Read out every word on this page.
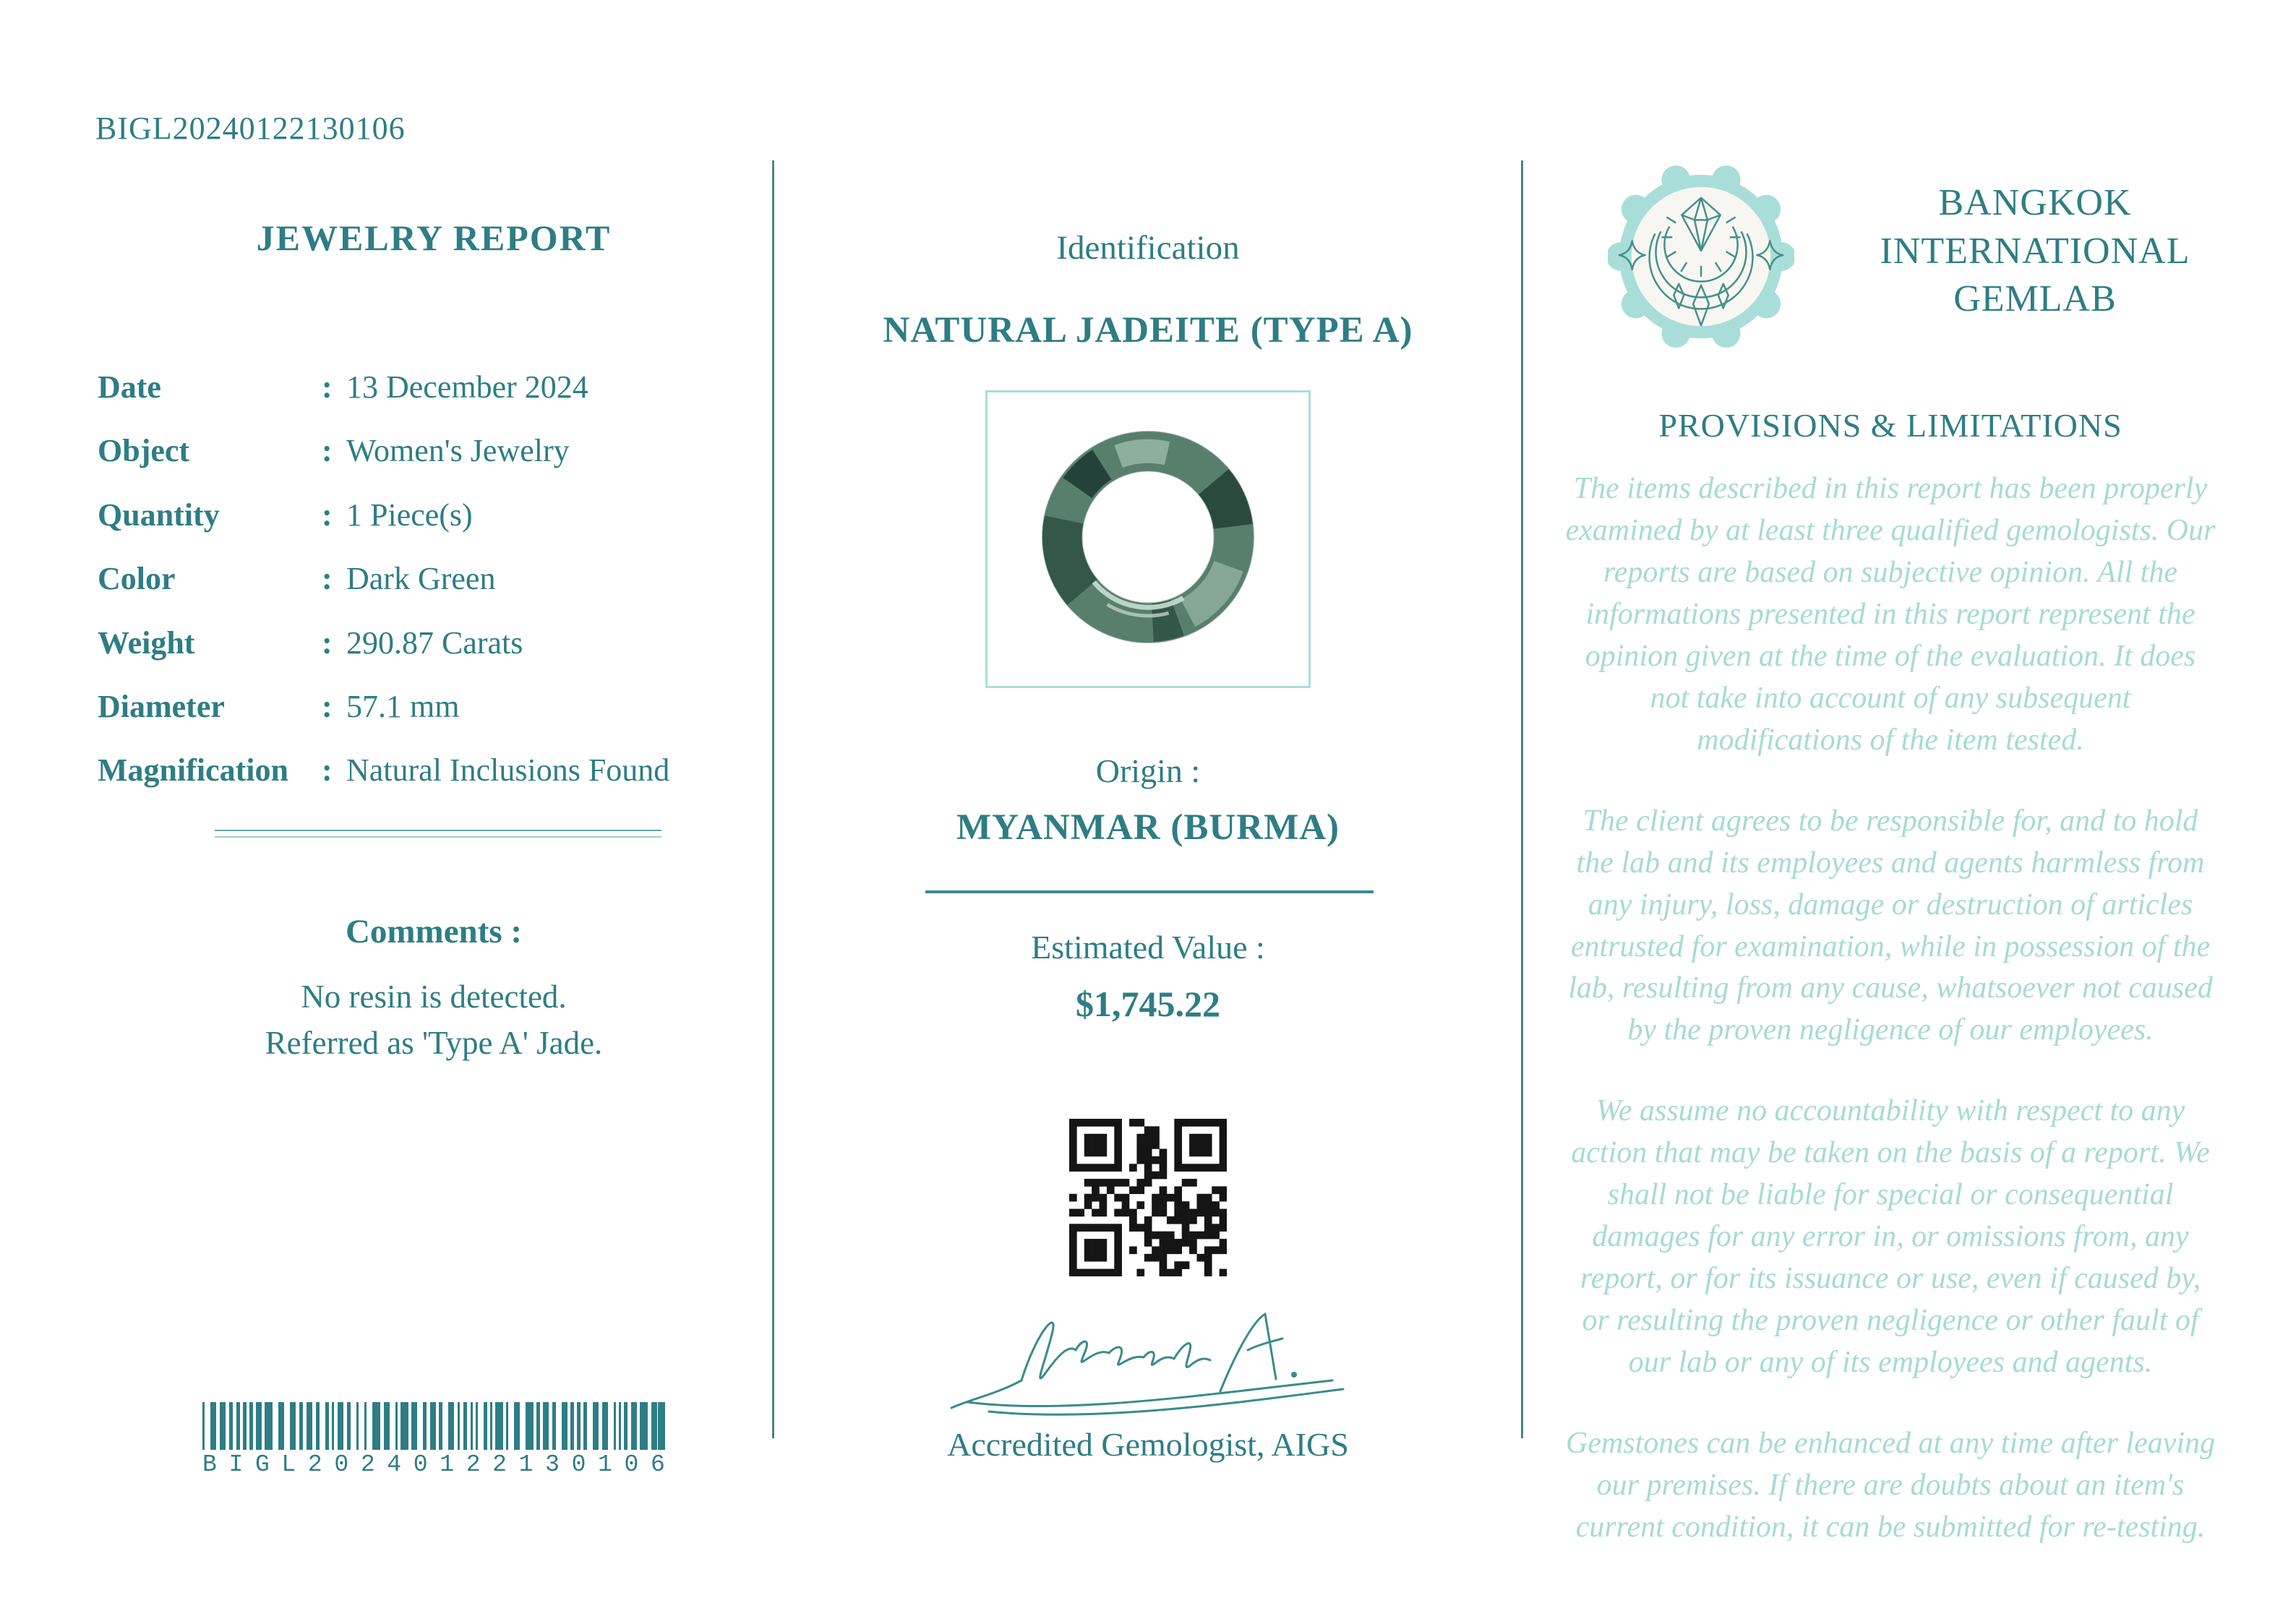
BIGL20240122130106
JEWELRY REPORT
Date	: 13 December 2024
Object	: Women's Jewelry
Quantity	: 1 Piece(s)
Color	: Dark Green
Weight	: 290.87 Carats
Diameter	: 57.1 mm
Magnification	: Natural Inclusions Found
Comments :
No resin is detected.
Referred as 'Type A' Jade.
B I G L 2 0 2 4 0 1 2 2 1 3 0 1 0 6
Identification
NATURAL JADEITE (TYPE A)
Origin :
MYANMAR (BURMA)
Estimated Value :
$1,745.22
Accredited Gemologist, AIGS
BANGKOK
INTERNATIONAL
GEMLAB
PROVISIONS & LIMITATIONS

The items described in this report has been properly examined by at least three qualified gemologists. Our reports are based on subjective opinion. All the informations presented in this report represent the opinion given at the time of the evaluation. It does not take into account of any subsequent modifications of the item tested.

The client agrees to be responsible for, and to hold the lab and its employees and agents harmless from any injury, loss, damage or destruction of articles entrusted for examination, while in possession of the lab, resulting from any cause, whatsoever not caused by the proven negligence of our employees.

We assume no accountability with respect to any action that may be taken on the basis of a report. We shall not be liable for special or consequential damages for any error in, or omissions from, any report, or for its issuance or use, even if caused by, or resulting the proven negligence or other fault of our lab or any of its employees and agents.

Gemstones can be enhanced at any time after leaving our premises. If there are doubts about an item's current condition, it can be submitted for re-testing.
